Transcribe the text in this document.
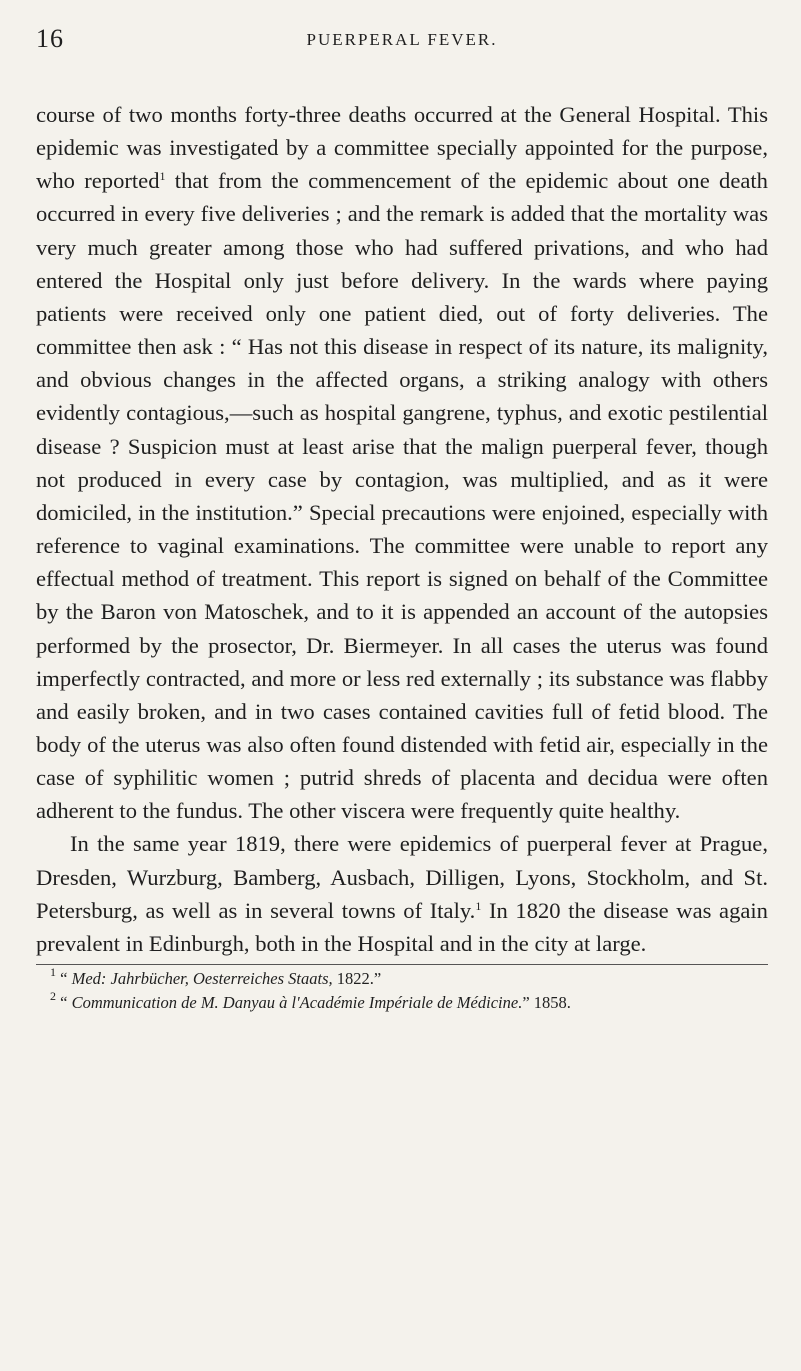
16	PUERPERAL FEVER.

course of two months forty-three deaths occurred at the General Hospital. This epidemic was investigated by a committee specially appointed for the purpose, who reported$^1$ that from the commencement of the epidemic about one death occurred in every five deliveries ; and the remark is added that the mortality was very much greater among those who had suffered privations, and who had entered the Hospital only just before delivery. In the wards where paying patients were received only one patient died, out of forty deliveries. The committee then ask : “ Has not this disease in respect of its nature, its malignity, and obvious changes in the affected organs, a striking analogy with others evidently contagious,—such as hospital gangrene, typhus, and exotic pestilential disease ? Suspicion must at least arise that the malign puerperal fever, though not produced in every case by contagion, was multiplied, and as it were domiciled, in the institution.” Special precautions were enjoined, especially with reference to vaginal examinations. The committee were unable to report any effectual method of treatment. This report is signed on behalf of the Committee by the Baron von Matoschek, and to it is appended an account of the autopsies performed by the prosector, Dr. Biermeyer. In all cases the uterus was found imperfectly contracted, and more or less red externally ; its substance was flabby and easily broken, and in two cases contained cavities full of fetid blood. The body of the uterus was also often found distended with fetid air, especially in the case of syphilitic women ; putrid shreds of placenta and decidua were often adherent to the fundus. The other viscera were frequently quite healthy.

In the same year 1819, there were epidemics of puerperal fever at Prague, Dresden, Wurzburg, Bamberg, Ausbach, Dilligen, Lyons, Stockholm, and St. Petersburg, as well as in several towns of Italy.$^1$ In 1820 the disease was again prevalent in Edinburgh, both in the Hospital and in the city at large.

$^1$ “ Med: Jahrbücher, Oesterreiches Staats, 1822.”
$^2$ “ Communication de M. Danyau à l'Académie Impériale de Médicine.” 1858.
